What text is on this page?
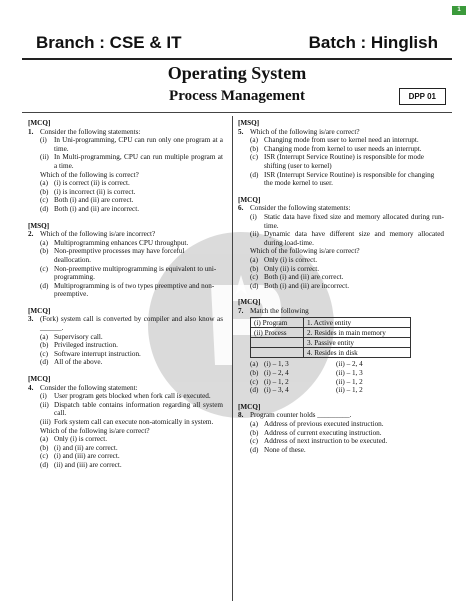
1
Branch : CSE & IT	Batch : Hinglish
Operating System
Process Management	DPP 01
[MCQ]
1. Consider the following statements:
(i)	In Uni-programming, CPU can run only one program at a time.
(ii) In Multi-programming, CPU can run multiple program at a time.
Which of the following is correct?
(a) (i) is correct (ii) is correct.
(b) (i) is incorrect (ii) is correct.
(c) Both (i) and (ii) are correct.
(d) Both (i) and (ii) are incorrect.
[MSQ]
2. Which of the following is/are incorrect?
(a) Multiprogramming enhances CPU throughput.
(b) Non-preemptive processes may have forceful deallocation.
(c) Non-preemptive multiprogramming is equivalent to uni-programming.
(d) Multiprogramming is of two types preemptive and non-preemptive.
[MCQ]
3. (Fork) system call is converted by compiler and also know as ______.
(a) Supervisory call.
(b) Privileged instruction.
(c) Software interrupt instruction.
(d) All of the above.
[MCQ]
4. Consider the following statement:
(i)	User program gets blocked when fork call is executed.
(ii) Dispatch table contains information regarding all system call.
(iii) Fork system call can execute non-atomically in system.
Which of the following is/are correct?
(a) Only (i) is correct.
(b) (i) and (ii) are correct.
(c) (i) and (iii) are correct.
(d) (ii) and (iii) are correct.
[MSQ]
5. Which of the following is/are correct?
(a) Changing mode from user to kernel need an interrupt.
(b) Changing mode from kernel to user needs an interrupt.
(c) ISR (Interrupt Service Routine) is responsible for mode shifting (user to kernel)
(d) ISR (Interrupt Service Routine) is responsible for changing the mode kernel to user.
[MCQ]
6. Consider the following statements:
(i)	Static data have fixed size and memory allocated during run-time.
(ii) Dynamic data have different size and memory allocated during load-time.
Which of the following is/are correct?
(a) Only (i) is correct.
(b) Only (ii) is correct.
(c) Both (i) and (ii) are correct.
(d) Both (i) and (ii) are incorrect.
[MCQ]
7. Match the following
(i) Program	1. Active entity
(ii) Process	2. Resides in main memory
	3. Passive entity
	4. Resides in disk
(a) (i) – 1, 3	(ii) – 2, 4
(b) (i) – 2, 4	(ii) – 1, 3
(c) (i) – 1, 2	(ii) – 1, 2
(d) (i) – 3, 4	(ii) – 1, 2
[MCQ]
8. Program counter holds _________.
(a) Address of previous executed instruction.
(b) Address of current executing instruction.
(c) Address of next instruction to be executed.
(d) None of these.
